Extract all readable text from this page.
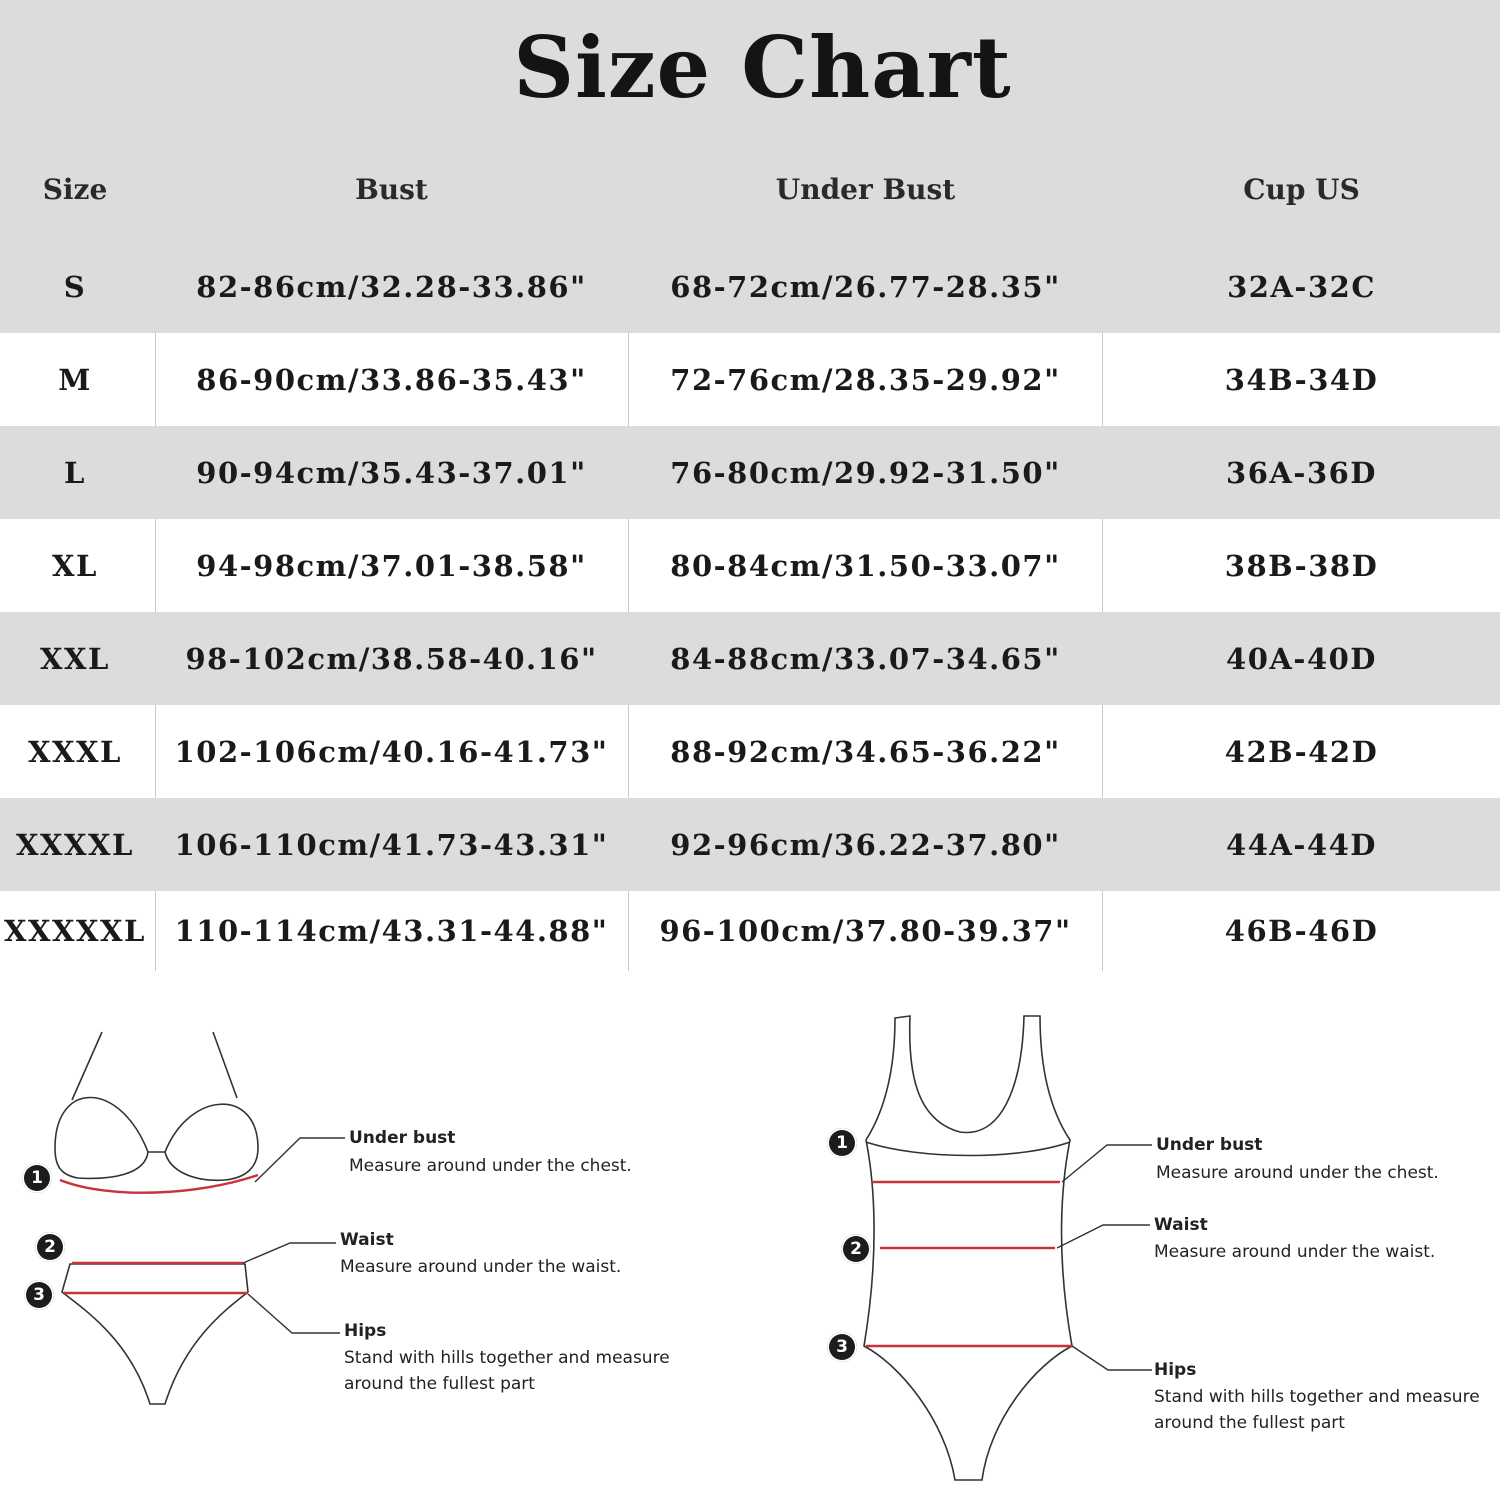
Size Chart
Size	Bust	Under Bust	Cup US
S	82-86cm/32.28-33.86"	68-72cm/26.77-28.35"	32A-32C
M	86-90cm/33.86-35.43"	72-76cm/28.35-29.92"	34B-34D
L	90-94cm/35.43-37.01"	76-80cm/29.92-31.50"	36A-36D
XL	94-98cm/37.01-38.58"	80-84cm/31.50-33.07"	38B-38D
XXL	98-102cm/38.58-40.16"	84-88cm/33.07-34.65"	40A-40D
XXXL	102-106cm/40.16-41.73"	88-92cm/34.65-36.22"	42B-42D
XXXXL	106-110cm/41.73-43.31"	92-96cm/36.22-37.80"	44A-44D
XXXXXL 110-114cm/43.31-44.88"	96-100cm/37.80-39.37"	46B-46D
1
2
3
Under bust
Measure around under the chest.
Waist
Measure around under the waist.
Hips
Stand with hills together and measure
around the fullest part
1
2
3
Under bust
Measure around under the chest.
Waist
Measure around under the waist.
Hips
Stand with hills together and measure
around the fullest part
